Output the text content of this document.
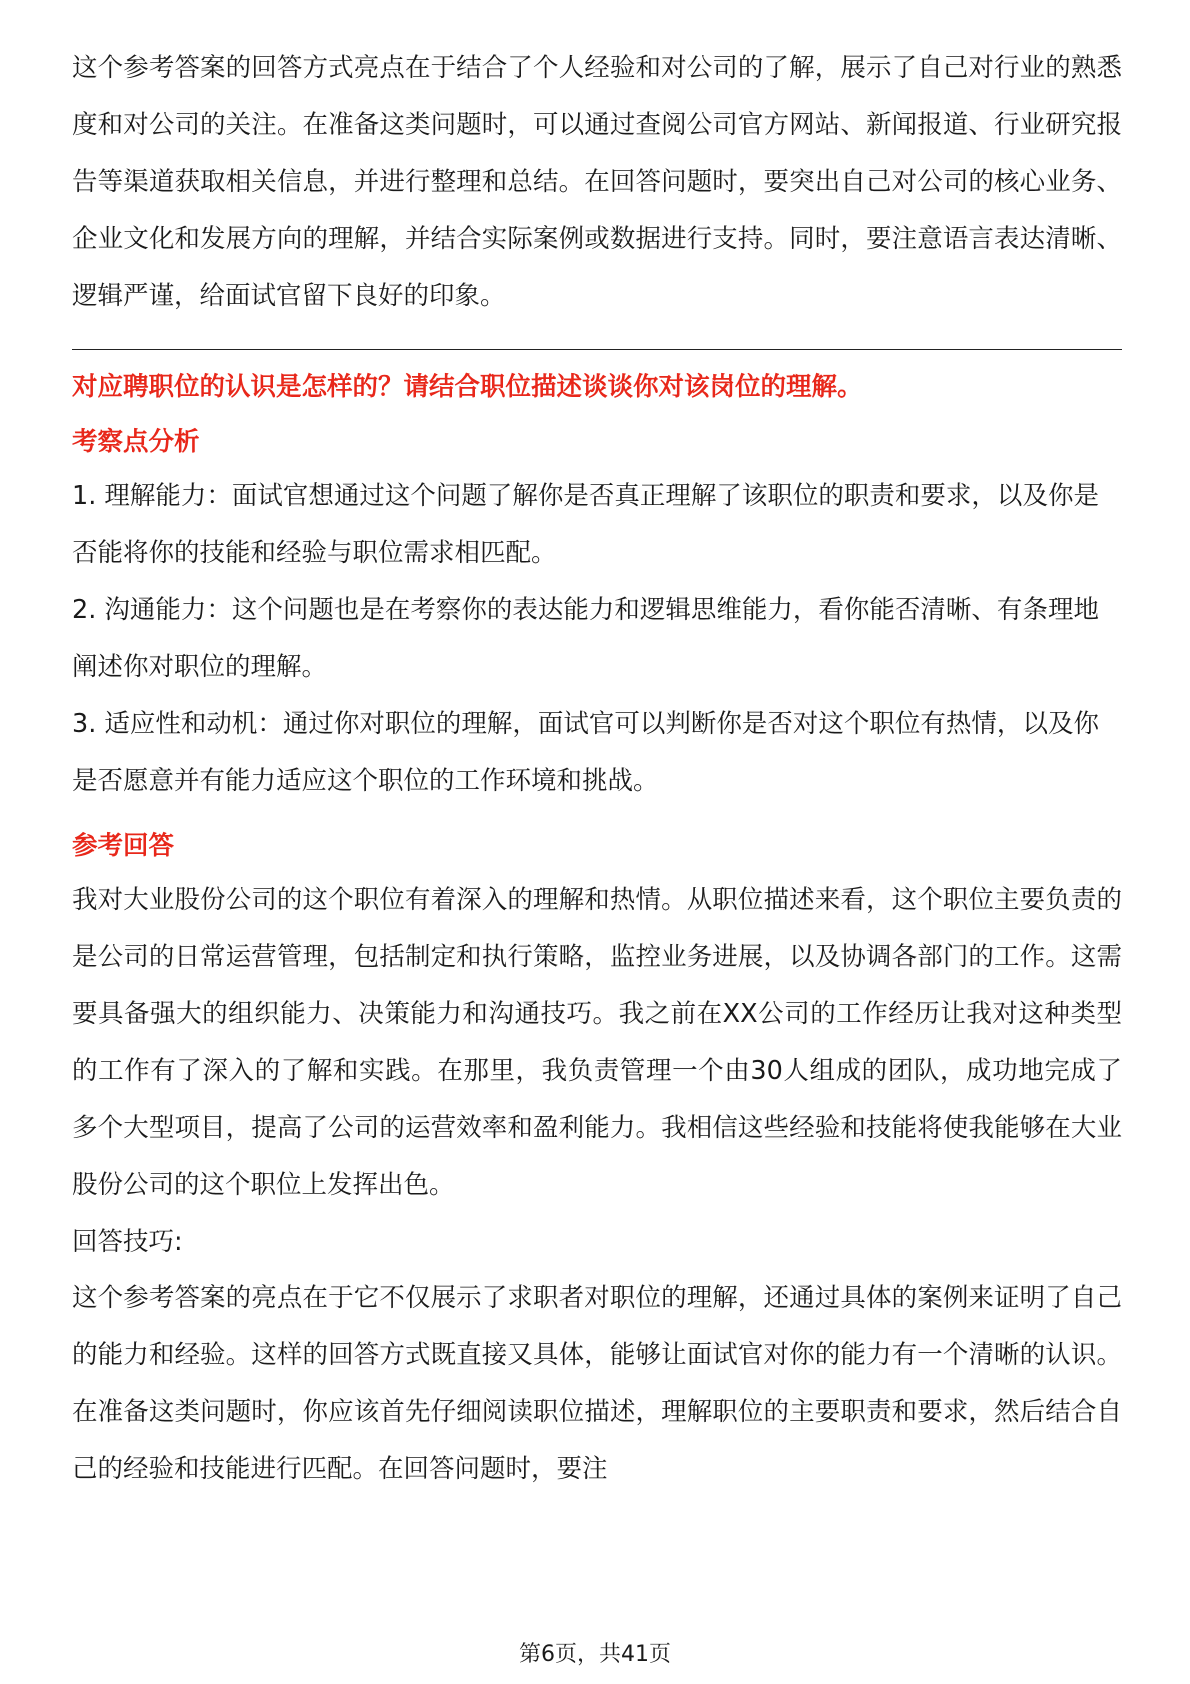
这个参考答案的回答方式亮点在于结合了个人经验和对公司的了解，展示了自己对行业的熟悉度和对公司的关注。在准备这类问题时，可以通过查阅公司官方网站、新闻报道、行业研究报告等渠道获取相关信息，并进行整理和总结。在回答问题时，要突出自己对公司的核心业务、企业文化和发展方向的理解，并结合实际案例或数据进行支持。同时，要注意语言表达清晰、逻辑严谨，给面试官留下良好的印象。

对应聘职位的认识是怎样的？请结合职位描述谈谈你对该岗位的理解。

考察点分析

1. 理解能力：面试官想通过这个问题了解你是否真正理解了该职位的职责和要求，以及你是否能将你的技能和经验与职位需求相匹配。

2. 沟通能力：这个问题也是在考察你的表达能力和逻辑思维能力，看你能否清晰、有条理地阐述你对职位的理解。

3. 适应性和动机：通过你对职位的理解，面试官可以判断你是否对这个职位有热情，以及你是否愿意并有能力适应这个职位的工作环境和挑战。

参考回答

我对大业股份公司的这个职位有着深入的理解和热情。从职位描述来看，这个职位主要负责的是公司的日常运营管理，包括制定和执行策略，监控业务进展，以及协调各部门的工作。这需要具备强大的组织能力、决策能力和沟通技巧。我之前在XX公司的工作经历让我对这种类型的工作有了深入的了解和实践。在那里，我负责管理一个由30人组成的团队，成功地完成了多个大型项目，提高了公司的运营效率和盈利能力。我相信这些经验和技能将使我能够在大业股份公司的这个职位上发挥出色。

回答技巧:

这个参考答案的亮点在于它不仅展示了求职者对职位的理解，还通过具体的案例来证明了自己的能力和经验。这样的回答方式既直接又具体，能够让面试官对你的能力有一个清晰的认识。在准备这类问题时，你应该首先仔细阅读职位描述，理解职位的主要职责和要求，然后结合自己的经验和技能进行匹配。在回答问题时，要注

第6页，共41页
